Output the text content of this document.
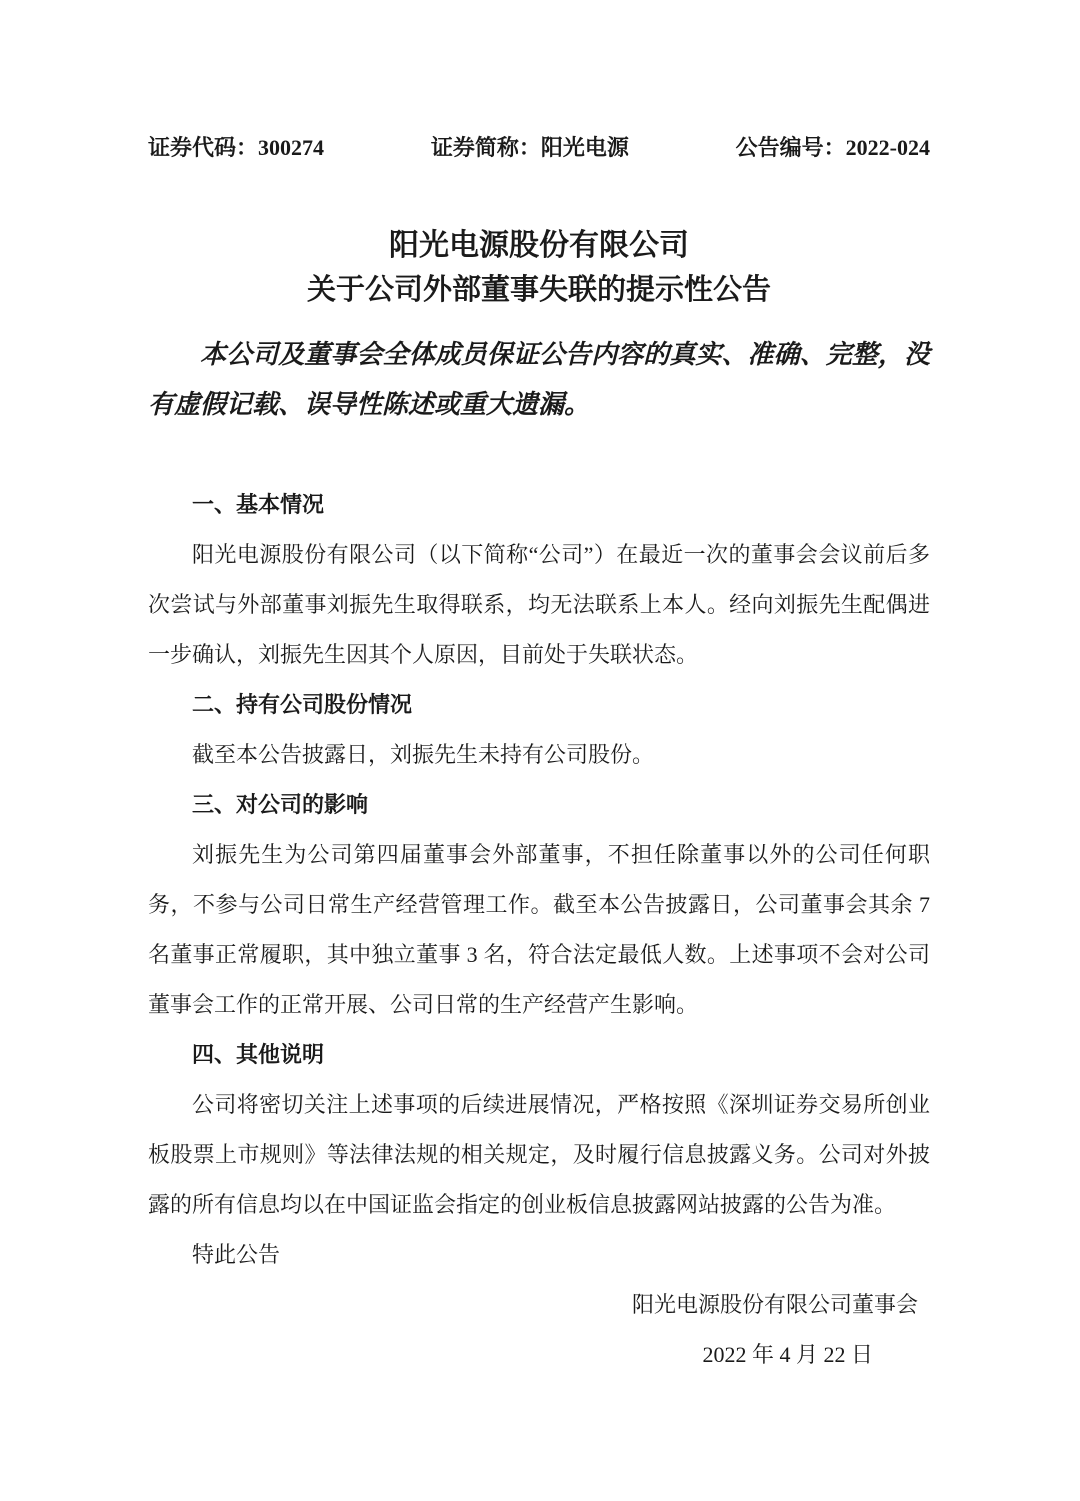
证券代码：300274	证券简称：阳光电源	公告编号：2022-024
阳光电源股份有限公司
关于公司外部董事失联的提示性公告

本公司及董事会全体成员保证公告内容的真实、准确、完整，没有虚假记载、误导性陈述或重大遗漏。

一、基本情况

阳光电源股份有限公司（以下简称“公司”）在最近一次的董事会会议前后多次尝试与外部董事刘振先生取得联系，均无法联系上本人。经向刘振先生配偶进一步确认，刘振先生因其个人原因，目前处于失联状态。

二、持有公司股份情况

截至本公告披露日，刘振先生未持有公司股份。

三、对公司的影响

刘振先生为公司第四届董事会外部董事，不担任除董事以外的公司任何职务，不参与公司日常生产经营管理工作。截至本公告披露日，公司董事会其余 7 名董事正常履职，其中独立董事 3 名，符合法定最低人数。上述事项不会对公司董事会工作的正常开展、公司日常的生产经营产生影响。

四、其他说明

公司将密切关注上述事项的后续进展情况，严格按照《深圳证券交易所创业板股票上市规则》等法律法规的相关规定，及时履行信息披露义务。公司对外披露的所有信息均以在中国证监会指定的创业板信息披露网站披露的公告为准。

特此公告

阳光电源股份有限公司董事会

2022 年 4 月 22 日
